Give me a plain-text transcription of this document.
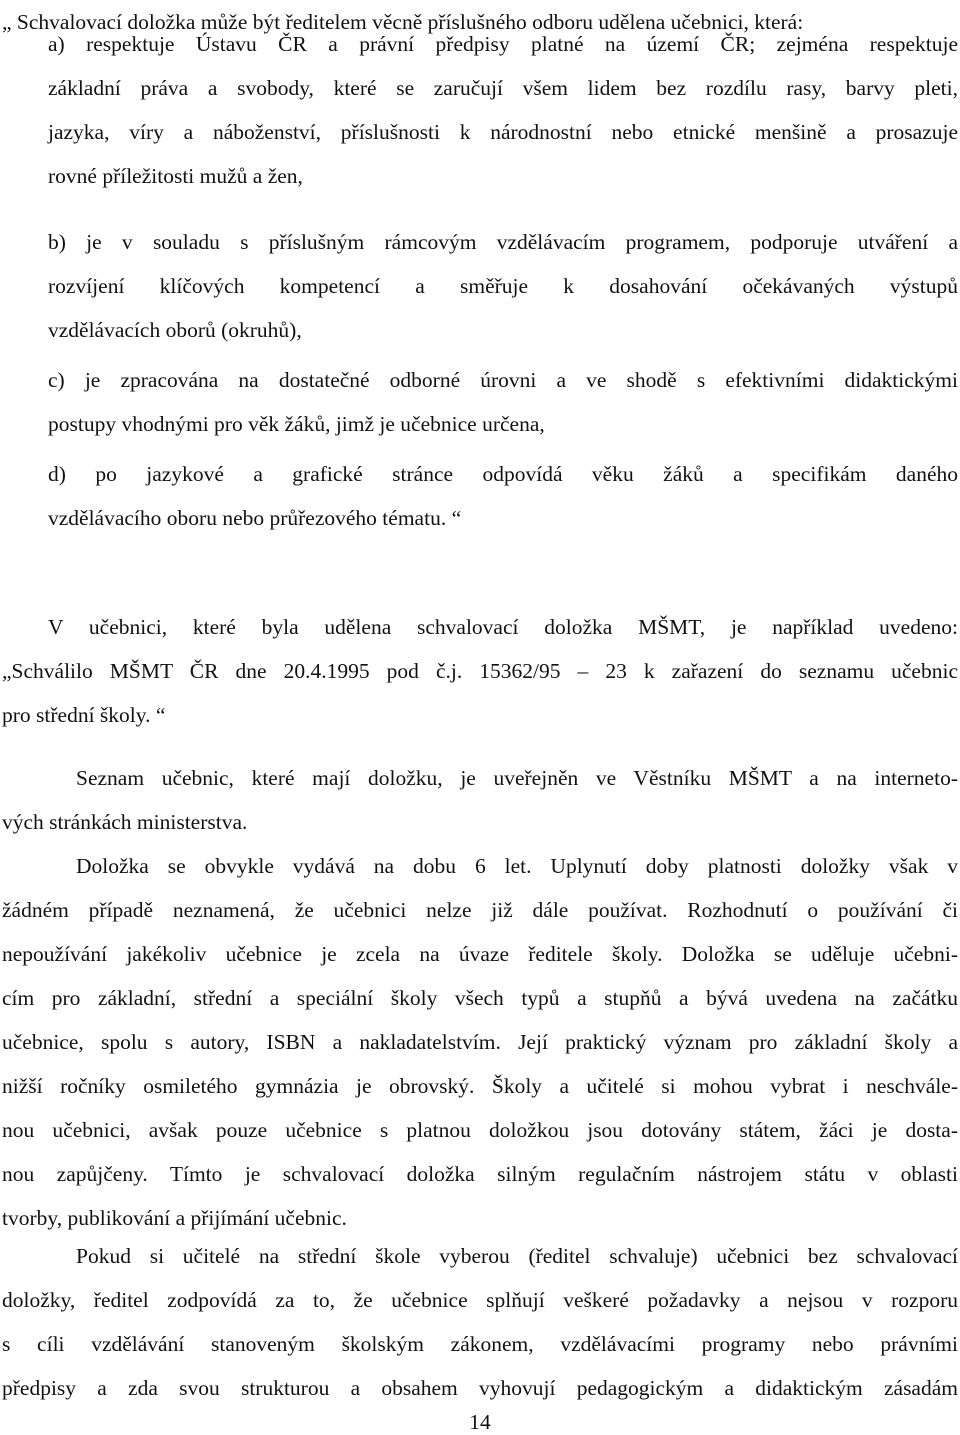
„ Schvalovací doložka může být ředitelem věcně příslušného odboru udělena učebnici, která:
a) respektuje Ústavu ČR a právní předpisy platné na území ČR; zejména respektuje
základní práva a svobody, které se zaručují všem lidem bez rozdílu rasy, barvy pleti,
jazyka, víry a náboženství, příslušnosti k národnostní nebo etnické menšině a prosazuje
rovné příležitosti mužů a žen,
b) je v souladu s příslušným rámcovým vzdělávacím programem, podporuje utváření a
rozvíjení klíčových kompetencí a směřuje k dosahování očekávaných výstupů
vzdělávacích oborů (okruhů),
c) je zpracována na dostatečné odborné úrovni a ve shodě s efektivními didaktickými
postupy vhodnými pro věk žáků, jimž je učebnice určena,
d) po jazykové a grafické stránce odpovídá věku žáků a specifikám daného
vzdělávacího oboru nebo průřezového tématu. “
V učebnici, které byla udělena schvalovací doložka MŠMT, je například uvedeno:
„Schválilo MŠMT ČR dne 20.4.1995 pod č.j. 15362/95 – 23 k zařazení do seznamu učebnic
pro střední školy. “
Seznam učebnic, které mají doložku, je uveřejněn ve Věstníku MŠMT a na interneto-
vých stránkách ministerstva.
Doložka se obvykle vydává na dobu 6 let. Uplynutí doby platnosti doložky však v
žádném případě neznamená, že učebnici nelze již dále používat. Rozhodnutí o používání či
nepoužívání jakékoliv učebnice je zcela na úvaze ředitele školy. Doložka se uděluje učebni-
cím pro základní, střední a speciální školy všech typů a stupňů a bývá uvedena na začátku
učebnice, spolu s autory, ISBN a nakladatelstvím. Její praktický význam pro základní školy a
nižší ročníky osmiletého gymnázia je obrovský. Školy a učitelé si mohou vybrat i neschvále-
nou učebnici, avšak pouze učebnice s platnou doložkou jsou dotovány státem, žáci je dosta-
nou zapůjčeny. Tímto je schvalovací doložka silným regulačním nástrojem státu v oblasti
tvorby, publikování a přijímání učebnic.
Pokud si učitelé na střední škole vyberou (ředitel schvaluje) učebnici bez schvalovací
doložky, ředitel zodpovídá za to, že učebnice splňují veškeré požadavky a nejsou v rozporu
s cíli vzdělávání stanoveným školským zákonem, vzdělávacími programy nebo právními
předpisy a zda svou strukturou a obsahem vyhovují pedagogickým a didaktickým zásadám
14
